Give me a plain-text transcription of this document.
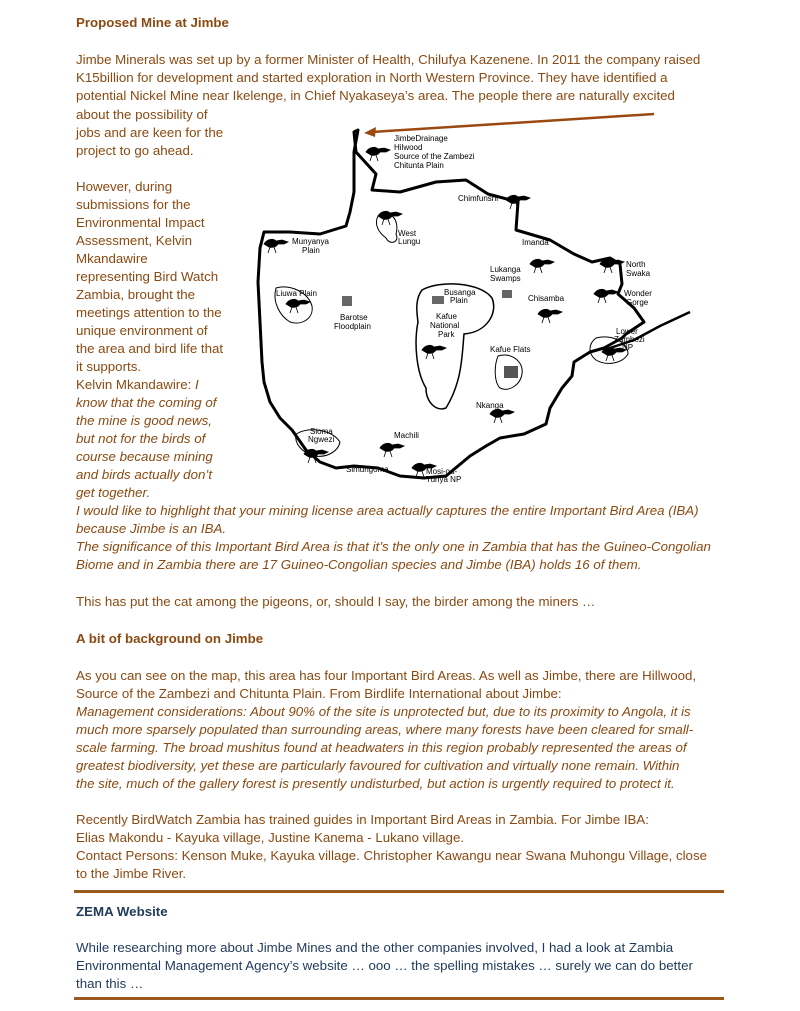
Proposed Mine at Jimbe
Jimbe Minerals was set up by a former Minister of Health, Chilufya Kazenene. In 2011 the company raised
K15billion for development and started exploration in North Western Province. They have identified a
potential Nickel Mine near Ikelenge, in Chief Nyakaseya’s area. The people there are naturally excited
about the possibility of
jobs and are keen for the
project to go ahead.
However, during
submissions for the
Environmental Impact
Assessment, Kelvin
Mkandawire
representing Bird Watch
Zambia, brought the
meetings attention to the
unique environment of
the area and bird life that
it supports.
Kelvin Mkandawire: I
know that the coming of
the mine is good news,
but not for the birds of
course because mining
and birds actually don’t
get together.
I would like to highlight that your mining license area actually captures the entire Important Bird Area (IBA)
because Jimbe is an IBA.
The significance of this Important Bird Area is that it’s the only one in Zambia that has the Guineo-Congolian
Biome and in Zambia there are 17 Guineo-Congolian species and Jimbe (IBA) holds 16 of them.
This has put the cat among the pigeons, or, should I say, the birder among the miners …
JimbeDrainage
Hilwood
Source of the Zambezi
Chitunta Plain
Chimfunshi
West
Lungu
Munyanya
Plain
Imanda
North
Swaka
Lukanga
Swamps
Liuwa Plain	Busanga
Plain	Chisamba
Wonder
Gorge
Barotse
Floodplain
Kafue
National
Park	Lower
Zambezi
NP
Kafue Flats
Nkanga
Sioma
Ngwezi	Machili
Simungoma	Mosi-oa-
Tunya NP
A bit of background on Jimbe
As you can see on the map, this area has four Important Bird Areas. As well as Jimbe, there are Hillwood,
Source of the Zambezi and Chitunta Plain. From Birdlife International about Jimbe:
Management considerations: About 90% of the site is unprotected but, due to its proximity to Angola, it is
much more sparsely populated than surrounding areas, where many forests have been cleared for small-
scale farming. The broad mushitus found at headwaters in this region probably represented the areas of
greatest biodiversity, yet these are particularly favoured for cultivation and virtually none remain. Within
the site, much of the gallery forest is presently undisturbed, but action is urgently required to protect it.
Recently BirdWatch Zambia has trained guides in Important Bird Areas in Zambia. For Jimbe IBA:
Elias Makondu - Kayuka village, Justine Kanema - Lukano village.
Contact Persons: Kenson Muke, Kayuka village. Christopher Kawangu near Swana Muhongu Village, close
to the Jimbe River.
ZEMA Website
While researching more about Jimbe Mines and the other companies involved, I had a look at Zambia
Environmental Management Agency’s website … ooo … the spelling mistakes … surely we can do better
than this …
